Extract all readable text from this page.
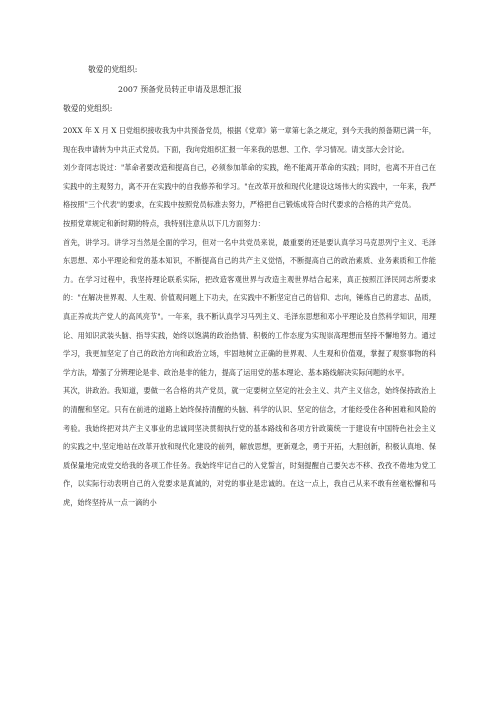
敬爱的党组织:
2007 预备党员转正申请及思想汇报
敬爱的党组织:

20XX 年 X 月 X 日党组织接收我为中共预备党员，根据《党章》第一章第七条之规定，到今天我的预备期已满一年，现在我申请转为中共正式党员。下面，我向党组织汇报一年来我的思想、工作、学习情况。请支部大会讨论。

刘少奇同志说过："革命者要改造和提高自己，必须参加革命的实践，绝不能离开革命的实践；同时，也离不开自己在实践中的主观努力，离不开在实践中的自我修养和学习。"在改革开放和现代化建设这场伟大的实践中，一年来，我严格按照"三个代表"的要求，在实践中按照党员标准去努力，严格把自己锻炼成符合时代要求的合格的共产党员。

按照党章规定和新时期的特点，我特别注意从以下几方面努力：

首先，讲学习。讲学习当然是全面的学习，但对一名中共党员来说，最重要的还是要认真学习马克思列宁主义、毛泽东思想、邓小平理论和党的基本知识，不断提高自己的共产主义觉悟，不断提高自己的政治素质、业务素质和工作能力。在学习过程中，我坚持理论联系实际，把改造客观世界与改造主观世界结合起来，真正按照江泽民同志所要求的："在解决世界观、人生观、价值观问题上下功夫，在实践中不断坚定自己的信仰、志向，锤炼自己的意志、品质，真正养成共产党人的高风亮节"。一年来，我不断认真学习马列主义、毛泽东思想和邓小平理论及自然科学知识，用理论、用知识武装头脑、指导实践，始终以饱满的政治热情、积极的工作态度为实现崇高理想而坚持不懈地努力。通过学习，我更加坚定了自己的政治方向和政治立场，牢固地树立正确的世界观、人生观和价值观，掌握了观察事物的科学方法，增强了分辨理论是非、政治是非的能力，提高了运用党的基本理论、基本路线解决实际问题的水平。

其次，讲政治。我知道，要做一名合格的共产党员，就一定要树立坚定的社会主义、共产主义信念，始终保持政治上的清醒和坚定。只有在前进的道路上始终保持清醒的头脑、科学的认识、坚定的信念，才能经受住各种困难和风险的考验。我始终把对共产主义事业的忠诚同坚决贯彻执行党的基本路线和各项方针政策统一于建设有中国特色社会主义的实践之中,坚定地站在改革开放和现代化建设的前列，解放思想，更新观念，勇于开拓，大胆创新，积极认真地、保质保量地完成党交给我的各项工作任务。我始终牢记自己的入党誓言，时刻提醒自己要矢志不移、孜孜不倦地为党工作，以实际行动表明自己的入党要求是真诚的，对党的事业是忠诚的。在这一点上，我自己从来不敢有丝毫松懈和马虎，始终坚持从一点一滴的小
